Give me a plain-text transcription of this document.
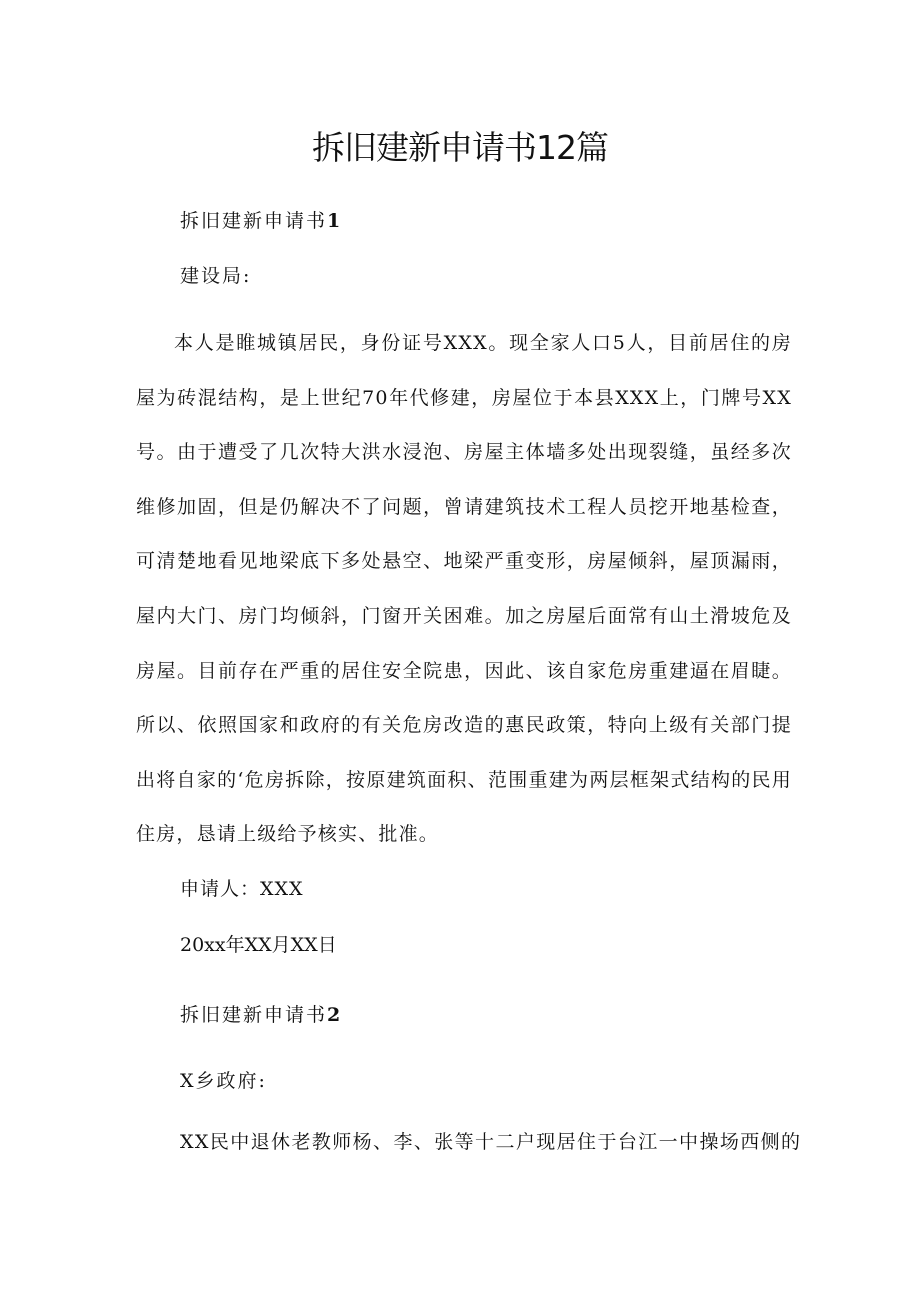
拆旧建新申请书12篇

拆旧建新申请书1

建设局:

本人是睢城镇居民，身份证号XXX。现全家人口5人，目前居住的房屋为砖混结构，是上世纪70年代修建，房屋位于本县XXX上，门牌号XX号。由于遭受了几次特大洪水浸泡、房屋主体墙多处出现裂缝，虽经多次维修加固，但是仍解决不了问题，曾请建筑技术工程人员挖开地基检查，可清楚地看见地梁底下多处悬空、地梁严重变形，房屋倾斜，屋顶漏雨，屋内大门、房门均倾斜，门窗开关困难。加之房屋后面常有山土滑坡危及房屋。目前存在严重的居住安全院患，因此、该自家危房重建逼在眉睫。所以、依照国家和政府的有关危房改造的惠民政策，特向上级有关部门提出将自家的‘危房拆除，按原建筑面积、范围重建为两层框架式结构的民用住房，恳请上级给予核实、批准。

申请人：XXX

20xx年XX月XX日

拆旧建新申请书2

X乡政府:

XX民中退休老教师杨、李、张等十二户现居住于台江一中操场西侧的
